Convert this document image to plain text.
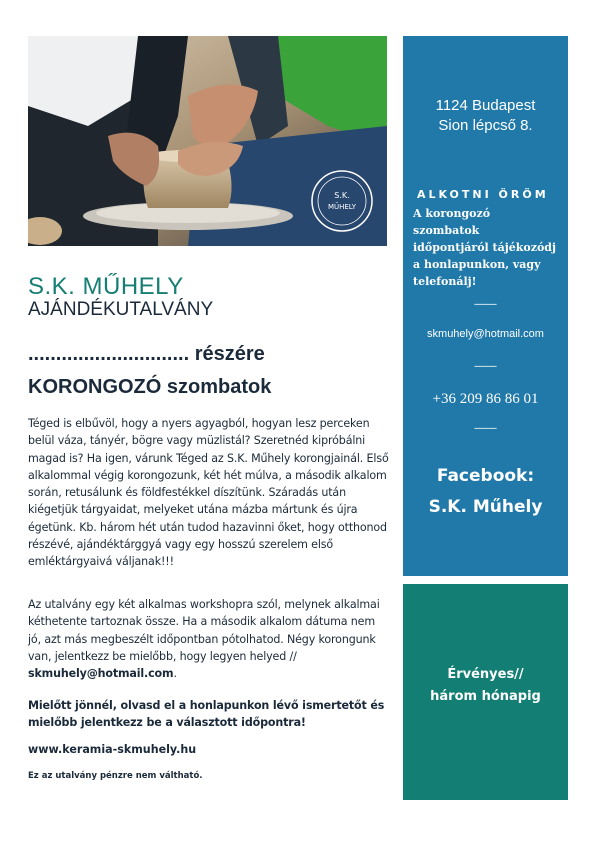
S.K.
MŰHELY
1124 Budapest
Sion lépcső 8.
ALKOTNI ÖRÖM
A korongozó szombatok időpontjáról tájékozódj a honlapunkon, vagy telefonálj!
____
skmuhely@hotmail.com
____
+36 209 86 86 01
____
Facebook:
S.K. Műhely
Érvényes//
három hónapig
S.K. MŰHELY
AJÁNDÉKUTALVÁNY
............................. részére
KORONGOZÓ szombatok
Téged is elbűvöl, hogy a nyers agyagból, hogyan lesz perceken belül váza, tányér, bögre vagy müzlistál? Szeretnéd kipróbálni magad is? Ha igen, várunk Téged az S.K. Műhely korongjainál. Első alkalommal végig korongozunk, két hét múlva, a második alkalom során, retusálunk és földfestékkel díszítünk. Száradás után kiégetjük tárgyaidat, melyeket utána mázba mártunk és újra égetünk. Kb. három hét után tudod hazavinni őket, hogy otthonod részévé, ajándéktárggyá vagy egy hosszú szerelem első emléktárgyaivá váljanak!!!
Az utalvány egy két alkalmas workshopra szól, melynek alkalmai kéthetente tartoznak össze. Ha a második alkalom dátuma nem jó, azt más megbeszélt időpontban pótolhatod. Négy korongunk van, jelentkezz be mielőbb, hogy legyen helyed // skmuhely@hotmail.com.
Mielőtt jönnél, olvasd el a honlapunkon lévő ismertetőt és mielőbb jelentkezz be a választott időpontra!
www.keramia-skmuhely.hu
Ez az utalvány pénzre nem váltható.
